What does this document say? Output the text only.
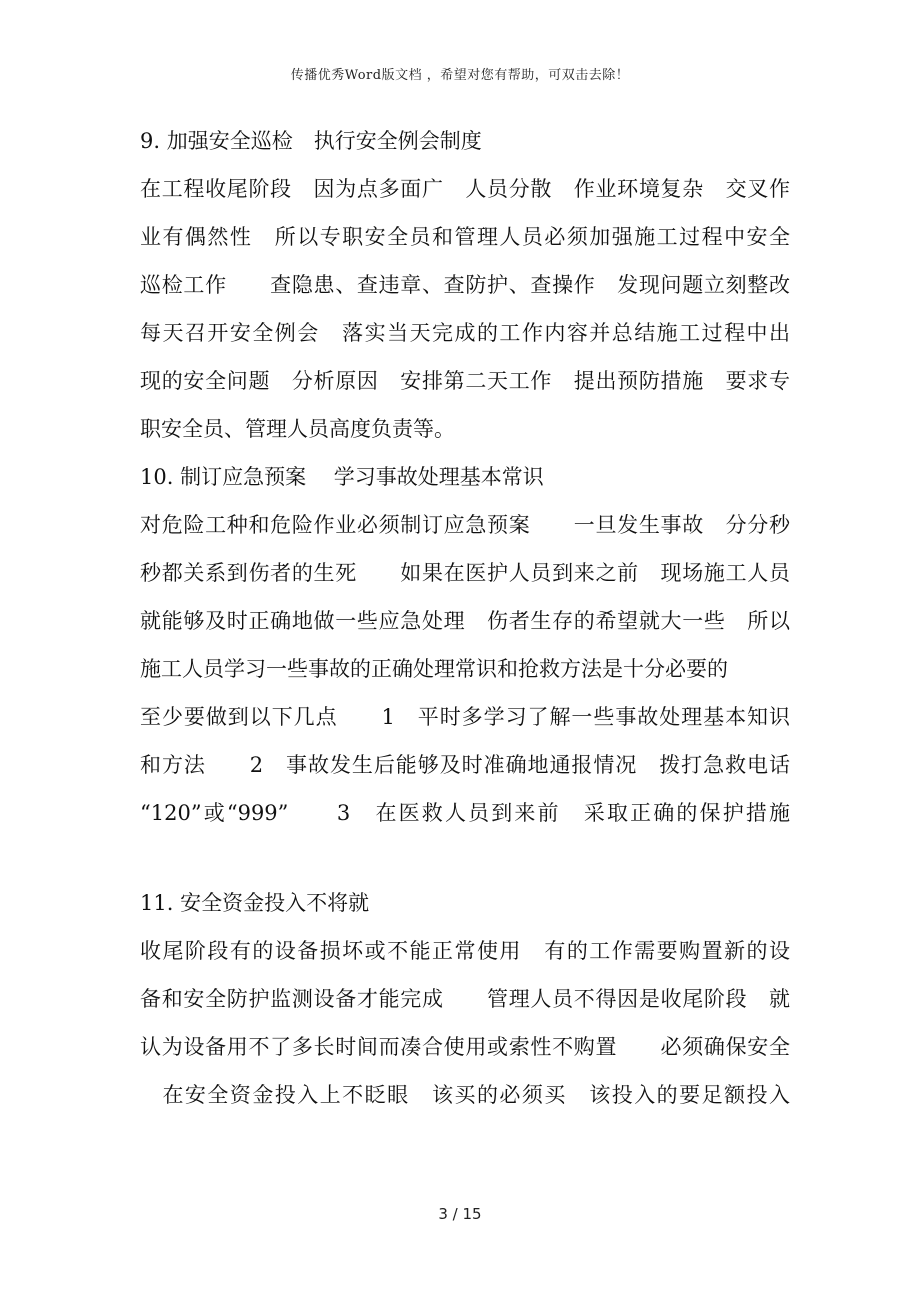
传播优秀Word版文档 ，希望对您有帮助，可双击去除！

9. 加强安全巡检　执行安全例会制度

在工程收尾阶段　因为点多面广　人员分散　作业环境复杂　交叉作

业有偶然性　所以专职安全员和管理人员必须加强施工过程中安全

巡检工作　　查隐患、查违章、查防护、查操作　发现问题立刻整改

每天召开安全例会　落实当天完成的工作内容并总结施工过程中出

现的安全问题　分析原因　安排第二天工作　提出预防措施　要求专

职安全员、管理人员高度负责等。

10. 制订应急预案　 学习事故处理基本常识

对危险工种和危险作业必须制订应急预案　　一旦发生事故　分分秒

秒都关系到伤者的生死　　如果在医护人员到来之前　现场施工人员

就能够及时正确地做一些应急处理　伤者生存的希望就大一些　所以

施工人员学习一些事故的正确处理常识和抢救方法是十分必要的

至少要做到以下几点　　1　平时多学习了解一些事故处理基本知识

和方法　　2　事故发生后能够及时准确地通报情况　拨打急救电话

“120”或“999”　　3　在医救人员到来前　采取正确的保护措施

11. 安全资金投入不将就

收尾阶段有的设备损坏或不能正常使用　有的工作需要购置新的设

备和安全防护监测设备才能完成　　管理人员不得因是收尾阶段　就

认为设备用不了多长时间而凑合使用或索性不购置　　必须确保安全

　在安全资金投入上不眨眼　该买的必须买　该投入的要足额投入

3 / 15
